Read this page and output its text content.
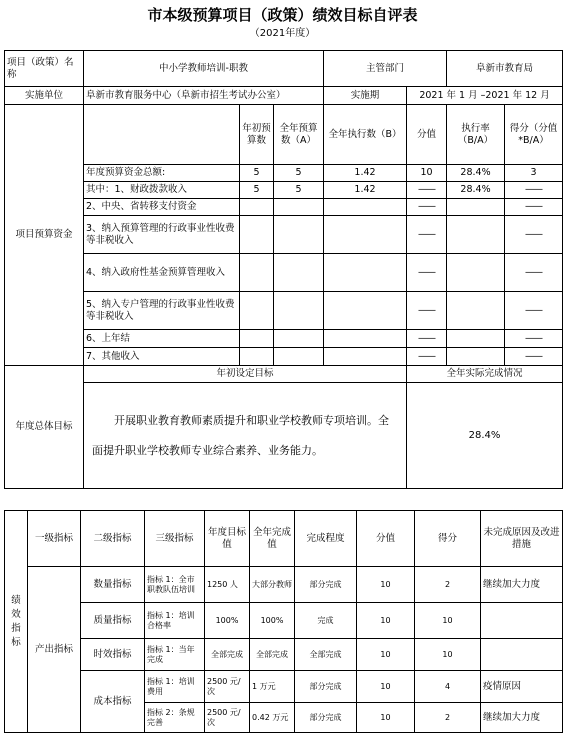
市本级预算项目（政策）绩效目标自评表
（2021年度）
项目（政策）名称	中小学教师培训-职教			主管部门		阜新市教育局	
实施单位	阜新市教育服务中心（阜新市招生考试办公室）			实施期	2021 年 1 月 –2021 年 12 月		
项目预算资金		年初预算数	全年预算数（A）	全年执行数（B）	分值	执行率（B/A）	得分（分值*B/A）
	年度预算资金总额:	5	5	1.42	10	28.4%	3
	其中：1、财政拨款收入	5	5	1.42	——	28.4%	——
	2、中央、省转移支付资金				——		——
	3、纳入预算管理的行政事业性收费等非税收入				——		——
	4、纳入政府性基金预算管理收入				——		——
	5、纳入专户管理的行政事业性收费等非税收入				——		——
	6、上年结				——		——
	7、其他收入				——		——
年度总体目标	年初设定目标				全年实际完成情况		
	开展职业教育教师素质提升和职业学校教师专项培训。全面提升职业学校教师专业综合素养、业务能力。				28.4%		
绩效指标	一级指标	二级指标	三级指标	年度目标值	全年完成值	完成程度	分值	得分	未完成原因及改进措施
	产出指标	数量指标	指标 1：全市职教队伍培训	1250 人	大部分教师	部分完成	10	2	继续加大力度
		质量指标	指标 1：培训合格率	100%	100%	完成	10	10	
		时效指标	指标 1：当年完成	全部完成	全部完成	全部完成	10	10	
		成本指标	指标 1：培训费用	2500 元/次	1 万元	部分完成	10	4	疫情原因
			指标 2：条规完善	2500 元/次	0.42 万元	部分完成	10	2	继续加大力度
